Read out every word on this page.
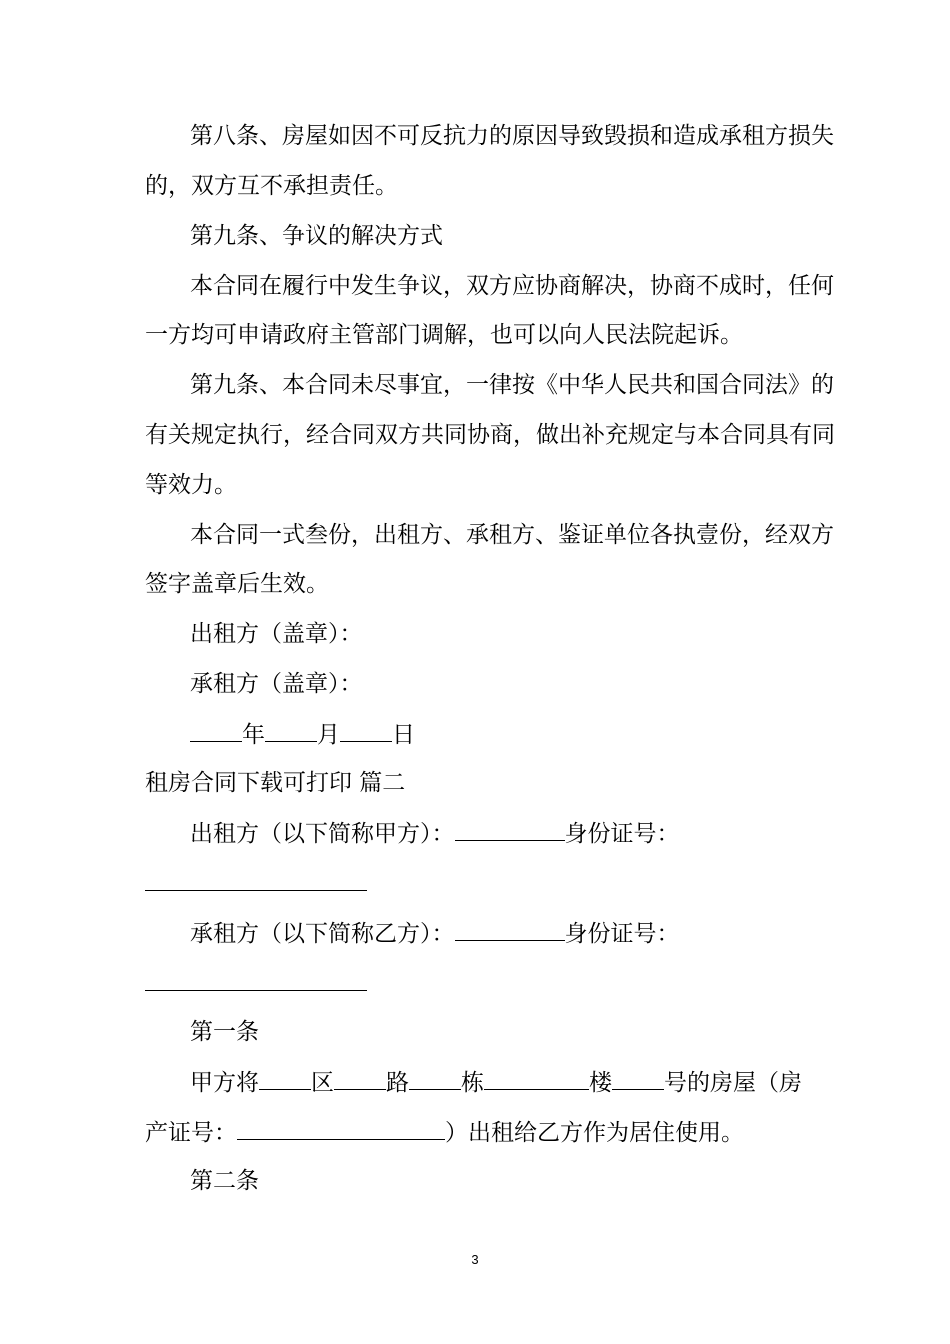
第八条、房屋如因不可反抗力的原因导致毁损和造成承租方损失
的，双方互不承担责任。
第九条、争议的解决方式
本合同在履行中发生争议，双方应协商解决，协商不成时，任何
一方均可申请政府主管部门调解，也可以向人民法院起诉。
第九条、本合同未尽事宜，一律按《中华人民共和国合同法》的
有关规定执行，经合同双方共同协商，做出补充规定与本合同具有同
等效力。
本合同一式叁份，出租方、承租方、鉴证单位各执壹份，经双方
签字盖章后生效。
出租方（盖章）：
承租方（盖章）：
年 月 日
租房合同下载可打印 篇二
出租方（以下简称甲方）：	身份证号：
承租方（以下简称乙方）：	身份证号：
第一条
甲方将 区 路 栋	楼 号的房屋（房
产证号：	）出租给乙方作为居住使用。
第二条
3
